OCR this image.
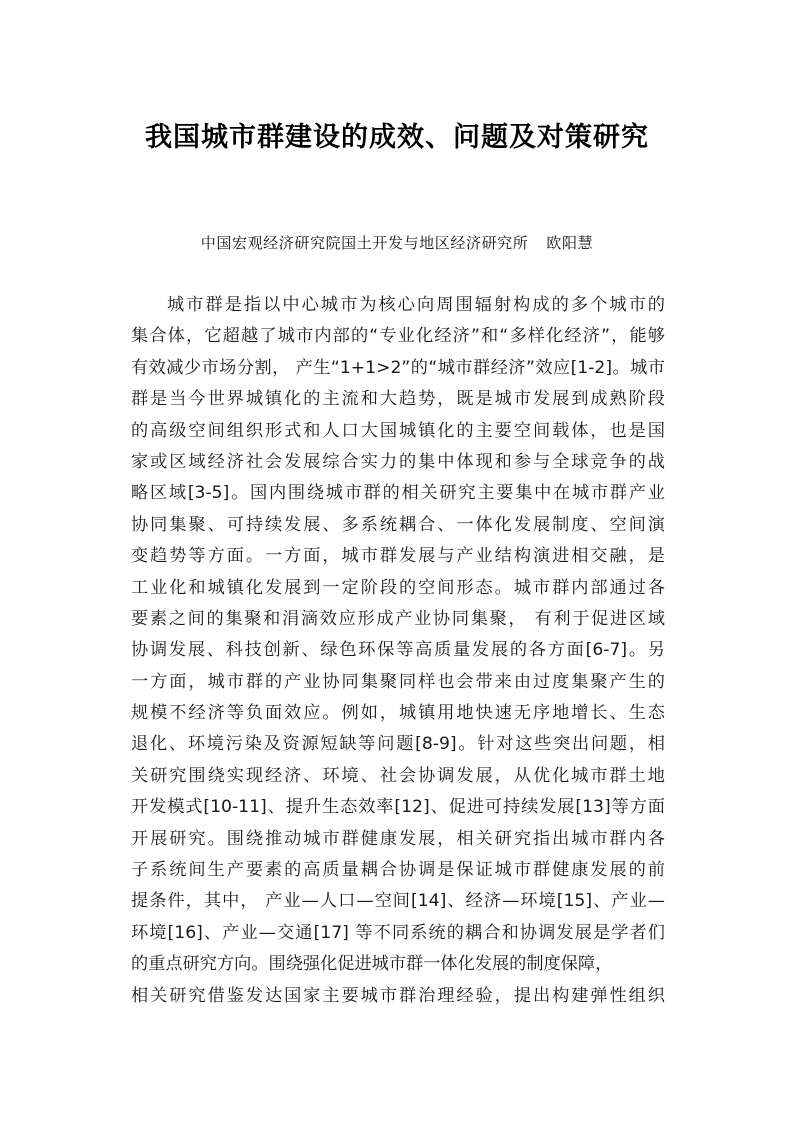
我国城市群建设的成效、问题及对策研究
中国宏观经济研究院国土开发与地区经济研究所 欧阳慧
城市群是指以中心城市为核心向周围辐射构成的多个城市的
集合体，它超越了城市内部的“专业化经济”和“多样化经济”，能够
有效减少市场分割， 产生“1+1>2”的“城市群经济”效应[1-2]。城市
群是当今世界城镇化的主流和大趋势，既是城市发展到成熟阶段
的高级空间组织形式和人口大国城镇化的主要空间载体，也是国
家或区域经济社会发展综合实力的集中体现和参与全球竞争的战
略区域[3-5]。国内围绕城市群的相关研究主要集中在城市群产业
协同集聚、可持续发展、多系统耦合、一体化发展制度、空间演
变趋势等方面。一方面，城市群发展与产业结构演进相交融，是
工业化和城镇化发展到一定阶段的空间形态。城市群内部通过各
要素之间的集聚和涓滴效应形成产业协同集聚， 有利于促进区域
协调发展、科技创新、绿色环保等高质量发展的各方面[6-7]。另
一方面，城市群的产业协同集聚同样也会带来由过度集聚产生的
规模不经济等负面效应。例如，城镇用地快速无序地增长、生态
退化、环境污染及资源短缺等问题[8-9]。针对这些突出问题，相
关研究围绕实现经济、环境、社会协调发展，从优化城市群土地
开发模式[10-11]、提升生态效率[12]、促进可持续发展[13]等方面
开展研究。围绕推动城市群健康发展，相关研究指出城市群内各
子系统间生产要素的高质量耦合协调是保证城市群健康发展的前
提条件，其中， 产业—人口—空间[14]、经济—环境[15]、产业—
环境[16]、产业—交通[17] 等不同系统的耦合和协调发展是学者们
的重点研究方向。围绕强化促进城市群一体化发展的制度保障，
相关研究借鉴发达国家主要城市群治理经验，提出构建弹性组织
